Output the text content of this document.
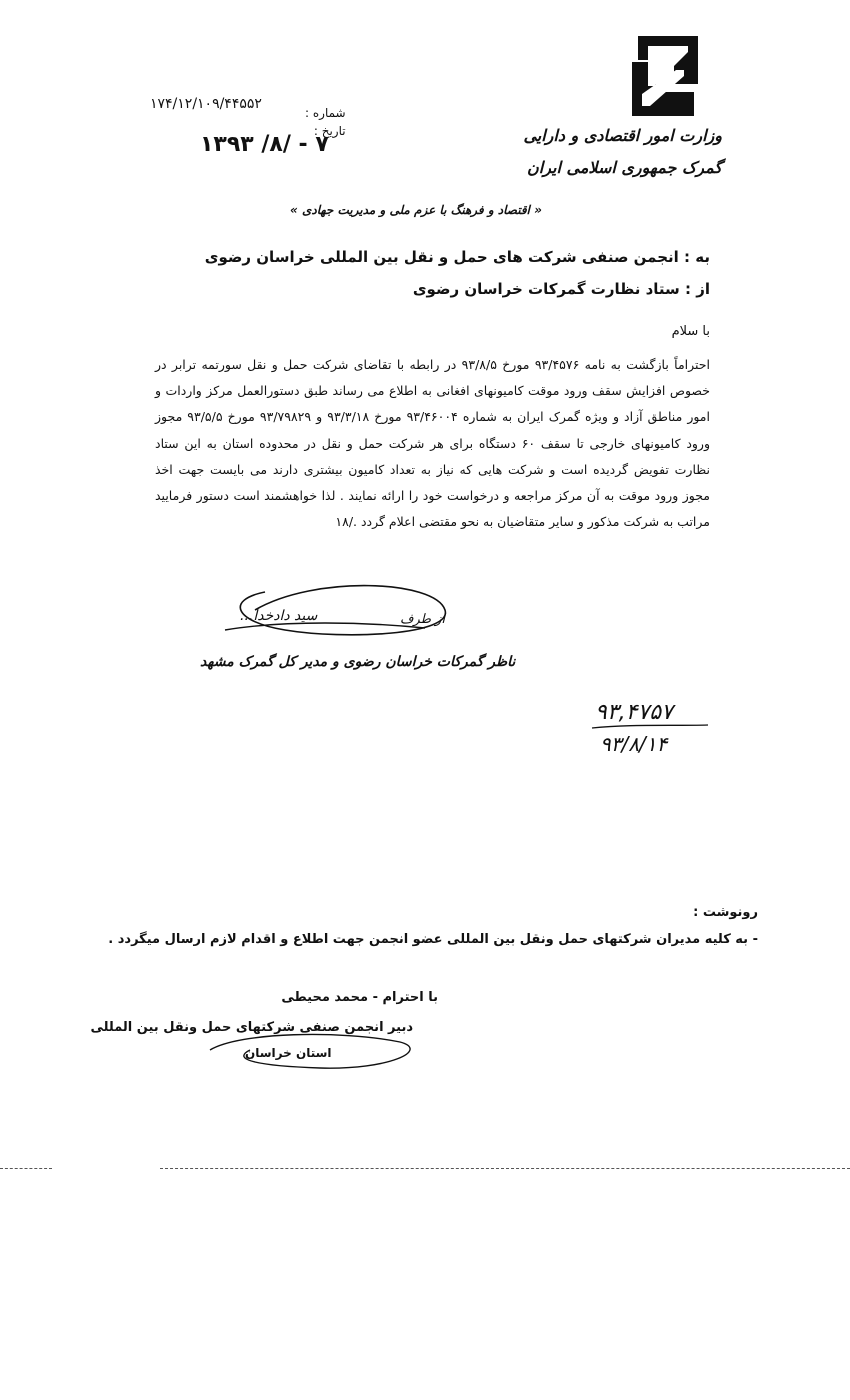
وزارت امور اقتصادی و دارایی
گمرک جمهوری اسلامی ایران
شماره :
تاریخ :
۱۷۴/۱۲/۱۰۹/۴۴۵۵۲
۱۳۹۳ /۸/ - ۷
« اقتصاد و فرهنگ با عزم ملی و مدیریت جهادی »
به : انجمن صنفی شرکت های حمل و نقل بین المللی خراسان رضوی
از : ستاد نظارت گمرکات خراسان رضوی
با سلام
احتراماً بازگشت به نامه ۹۳/۴۵۷۶ مورخ ۹۳/۸/۵ در رابطه با تقاضای شرکت حمل و نقل سورتمه ترابر در خصوص افزایش سقف ورود موقت کامیونهای افغانی به اطلاع می رساند طبق دستورالعمل مرکز واردات و امور مناطق آزاد و ویژه گمرک ایران به شماره ۹۳/۴۶۰۰۴ مورخ ۹۳/۳/۱۸ و ۹۳/۷۹۸۲۹ مورخ ۹۳/۵/۵ مجوز ورود کامیونهای خارجی تا سقف ۶۰ دستگاه برای هر شرکت حمل و نقل در محدوده استان به این ستاد نظارت تفویض گردیده است و شرکت هایی که نیاز به تعداد کامیون بیشتری دارند می بایست جهت اخذ مجوز ورود موقت به آن مرکز مراجعه و درخواست خود را ارائه نمایند . لذا خواهشمند است دستور فرمایید مراتب به شرکت مذکور و سایر متقاضیان به نحو مقتضی اعلام گردد ./۱۸
از طرف
سید دادخدا...
ناظر گمرکات خراسان رضوی و مدیر کل گمرک مشهد
۹۳,۴۷۵۷
۹۳/۸/۱۴
رونوشت :
- به کلیه مدیران شرکتهای حمل ونقل بین المللی عضو انجمن جهت اطلاع و اقدام لازم ارسال میگردد .
با احترام - محمد محیطی
دبیر انجمن صنفی شرکتهای حمل ونقل بین المللی
استان خراسان
